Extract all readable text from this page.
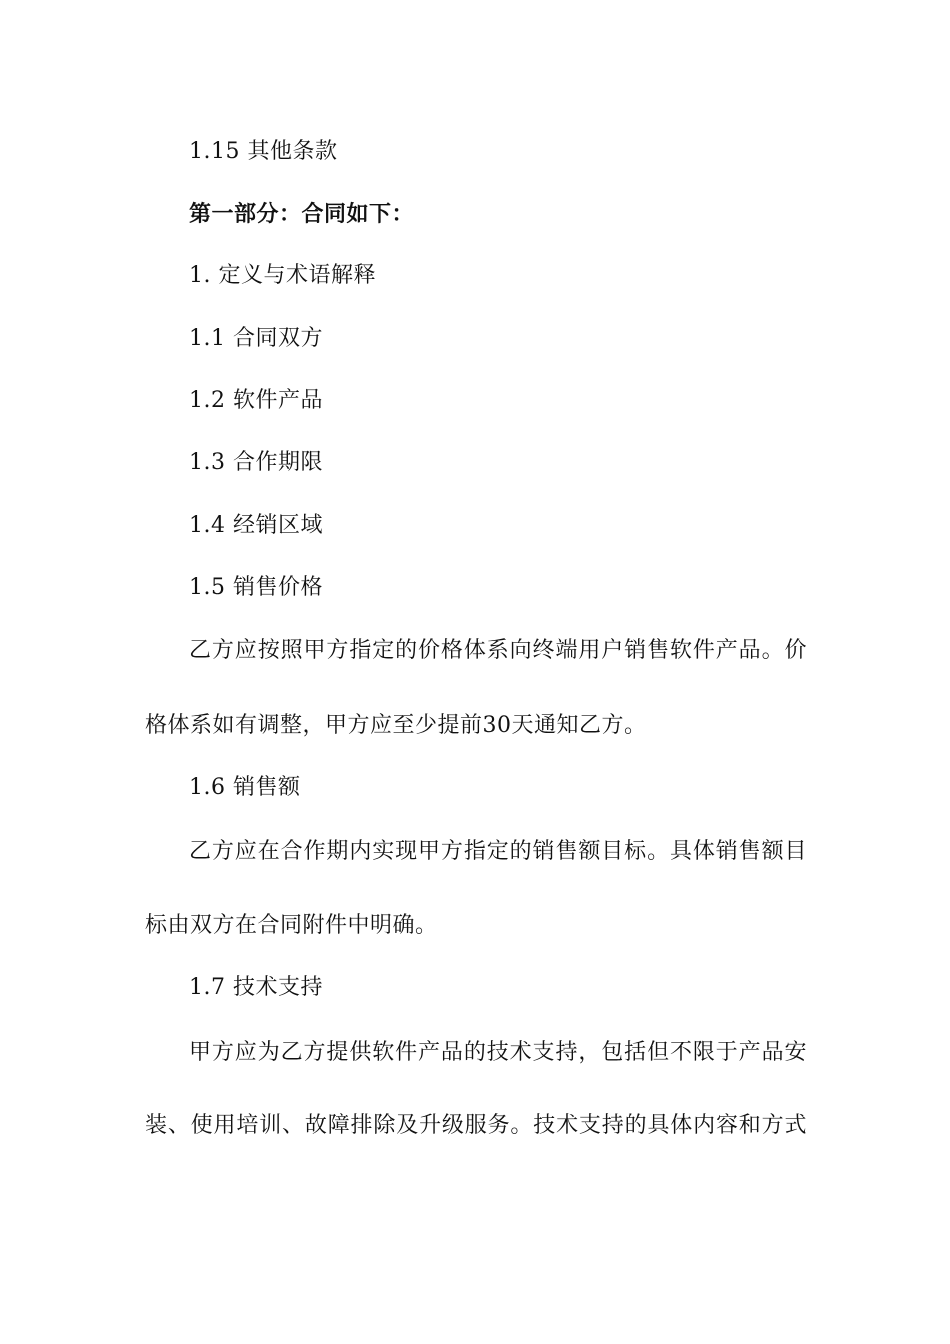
1.15 其他条款
第一部分：合同如下：
1. 定义与术语解释
1.1 合同双方
1.2 软件产品
1.3 合作期限
1.4 经销区域
1.5 销售价格
乙方应按照甲方指定的价格体系向终端用户销售软件产品。价
格体系如有调整，甲方应至少提前30天通知乙方。
1.6 销售额
乙方应在合作期内实现甲方指定的销售额目标。具体销售额目
标由双方在合同附件中明确。
1.7 技术支持
甲方应为乙方提供软件产品的技术支持，包括但不限于产品安
装、使用培训、故障排除及升级服务。技术支持的具体内容和方式
